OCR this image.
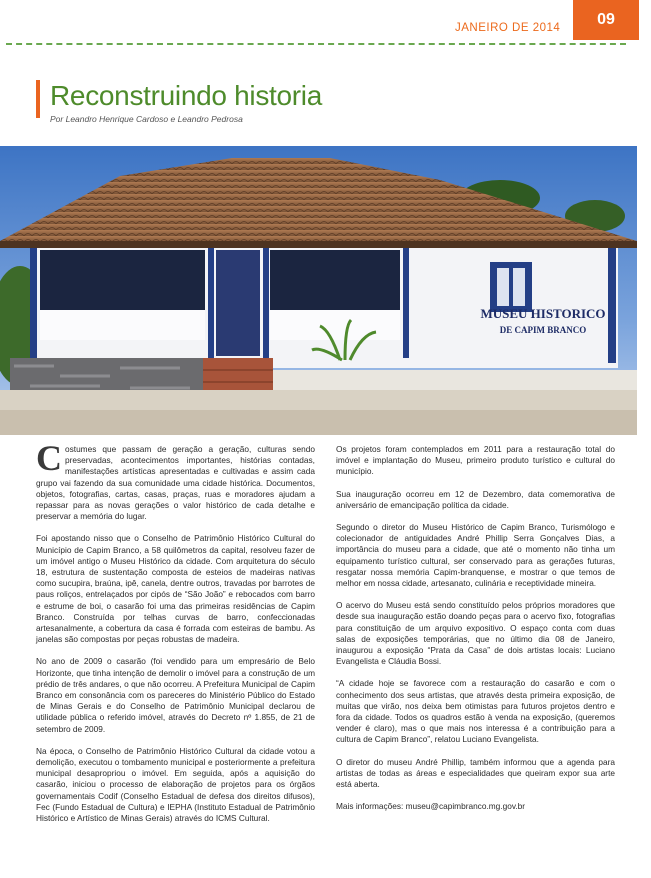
JANEIRO DE 2014 09
Reconstruindo historia
Por Leandro Henrique Cardoso e Leandro Pedrosa
MUSEU HISTORICO
DE CAPIM BRANCO

Costumes que passam de geração a geração, culturas sendo preservadas, acontecimentos importantes, histórias contadas, manifestações artísticas apresentadas e cultivadas e assim cada grupo vai fazendo da sua comunidade uma cidade histórica. Documentos, objetos, fotografias, cartas, casas, praças, ruas e moradores ajudam a repassar para as novas gerações o valor histórico de cada detalhe e preservar a memória do lugar.

Foi apostando nisso que o Conselho de Patrimônio Histórico Cultural do Município de Capim Branco, a 58 quilômetros da capital, resolveu fazer de um imóvel antigo o Museu Histórico da cidade. Com arquitetura do século 18, estrutura de sustentação composta de esteios de madeiras nativas como sucupira, braúna, ipê, canela, dentre outros, travadas por barrotes de paus roliços, entrelaçados por cipós de “São João” e rebocados com barro e estrume de boi, o casarão foi uma das primeiras residências de Capim Branco. Construída por telhas curvas de barro, confeccionadas artesanalmente, a cobertura da casa é forrada com esteiras de bambu. As janelas são compostas por peças robustas de madeira.

No ano de 2009 o casarão (foi vendido para um empresário de Belo Horizonte, que tinha intenção de demolir o imóvel para a construção de um prédio de três andares, o que não ocorreu. A Prefeitura Municipal de Capim Branco em consonância com os pareceres do Ministério Público do Estado de Minas Gerais e do Conselho de Patrimônio Municipal declarou de utilidade pública o referido imóvel, através do Decreto nº 1.855, de 21 de setembro de 2009.

Na época, o Conselho de Patrimônio Histórico Cultural da cidade votou a demolição, executou o tombamento municipal e posteriormente a prefeitura municipal desapropriou o imóvel. Em seguida, após a aquisição do casarão, iniciou o processo de elaboração de projetos para os órgãos governamentais Codif (Conselho Estadual de defesa dos direitos difusos), Fec (Fundo Estadual de Cultura) e IEPHA (Instituto Estadual de Patrimônio Histórico e Artístico de Minas Gerais) através do ICMS Cultural.

Os projetos foram contemplados em 2011 para a restauração total do imóvel e implantação do Museu, primeiro produto turístico e cultural do município.

Sua inauguração ocorreu em 12 de Dezembro, data comemorativa de aniversário de emancipação política da cidade.

Segundo o diretor do Museu Histórico de Capim Branco, Turismólogo e colecionador de antiguidades André Phillip Serra Gonçalves Dias, a importância do museu para a cidade, que até o momento não tinha um equipamento turístico cultural, ser conservado para as gerações futuras, resgatar nossa memória Capim-branquense, e mostrar o que temos de melhor em nossa cidade, artesanato, culinária e receptividade mineira.

O acervo do Museu está sendo constituído pelos próprios moradores que desde sua inauguração estão doando peças para o acervo fixo, fotografias para constituição de um arquivo expositivo. O espaço conta com duas salas de exposições temporárias, que no último dia 08 de Janeiro, inaugurou a exposição “Prata da Casa” de dois artistas locais: Luciano Evangelista e Cláudia Bossi.

“A cidade hoje se favorece com a restauração do casarão e com o conhecimento dos seus artistas, que através desta primeira exposição, de muitas que virão, nos deixa bem otimistas para futuros projetos dentro e fora da cidade. Todos os quadros estão à venda na exposição, (queremos vender é claro), mas o que mais nos interessa é a contribuição para a cultura de Capim Branco”, relatou Luciano Evangelista.

O diretor do museu André Phillip, também informou que a agenda para artistas de todas as áreas e especialidades que queiram expor sua arte está aberta.

Mais informações: museu@capimbranco.mg.gov.br
